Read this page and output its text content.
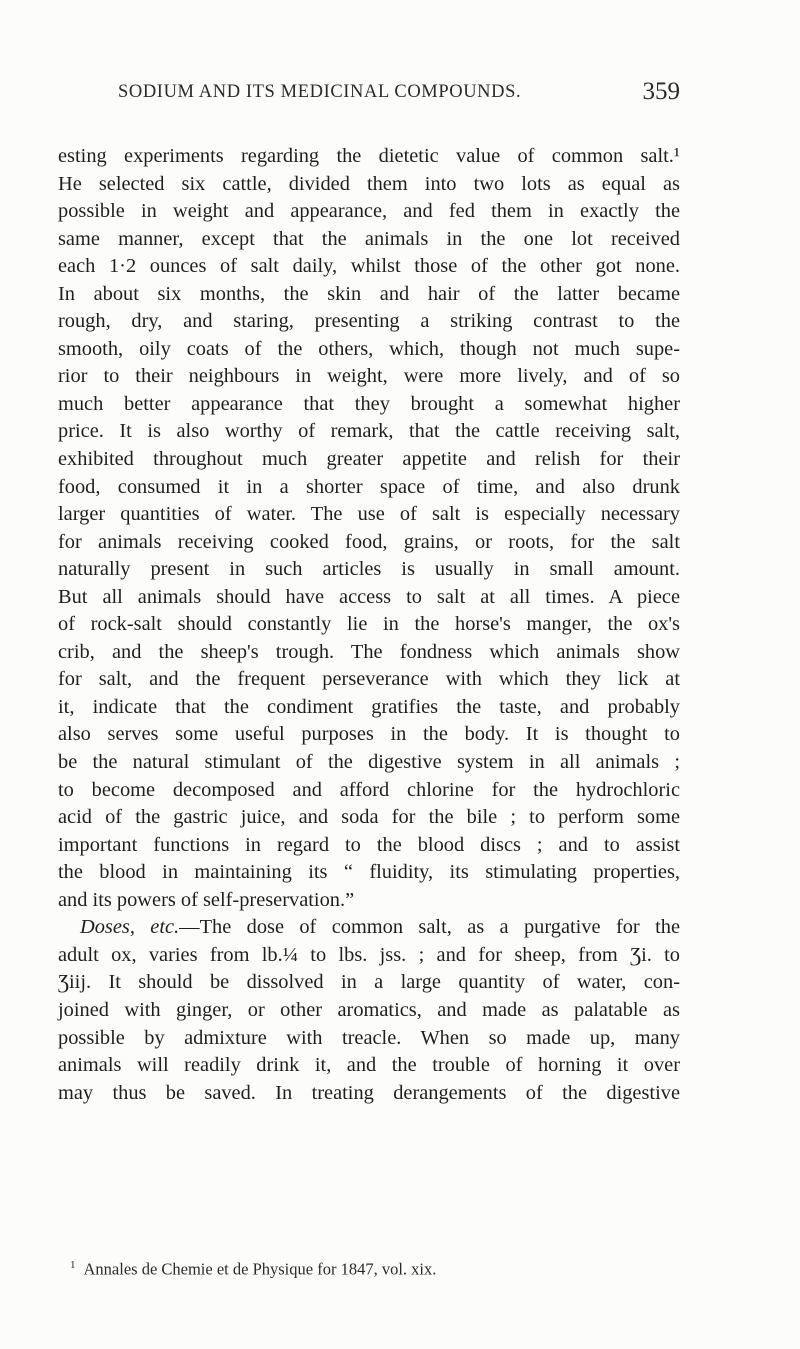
SODIUM AND ITS MEDICINAL COMPOUNDS.	359
esting experiments regarding the dietetic value of common salt.¹
He selected six cattle, divided them into two lots as equal as
possible in weight and appearance, and fed them in exactly the
same manner, except that the animals in the one lot received
each 1·2 ounces of salt daily, whilst those of the other got none.
In about six months, the skin and hair of the latter became
rough, dry, and staring, presenting a striking contrast to the
smooth, oily coats of the others, which, though not much supe-
rior to their neighbours in weight, were more lively, and of so
much better appearance that they brought a somewhat higher
price. It is also worthy of remark, that the cattle receiving salt,
exhibited throughout much greater appetite and relish for their
food, consumed it in a shorter space of time, and also drunk
larger quantities of water. The use of salt is especially necessary
for animals receiving cooked food, grains, or roots, for the salt
naturally present in such articles is usually in small amount.
But all animals should have access to salt at all times. A piece
of rock-salt should constantly lie in the horse's manger, the ox's
crib, and the sheep's trough. The fondness which animals show
for salt, and the frequent perseverance with which they lick at
it, indicate that the condiment gratifies the taste, and probably
also serves some useful purposes in the body. It is thought to
be the natural stimulant of the digestive system in all animals ;
to become decomposed and afford chlorine for the hydrochloric
acid of the gastric juice, and soda for the bile ; to perform some
important functions in regard to the blood discs ; and to assist
the blood in maintaining its “ fluidity, its stimulating properties,
and its powers of self-preservation.”
Doses, etc.—The dose of common salt, as a purgative for the
adult ox, varies from lb.¼ to lbs. jss. ; and for sheep, from Ʒi. to
Ʒiij. It should be dissolved in a large quantity of water, con-
joined with ginger, or other aromatics, and made as palatable as
possible by admixture with treacle. When so made up, many
animals will readily drink it, and the trouble of horning it over
may thus be saved. In treating derangements of the digestive
$^1$ Annales de Chemie et de Physique for 1847, vol. xix.
